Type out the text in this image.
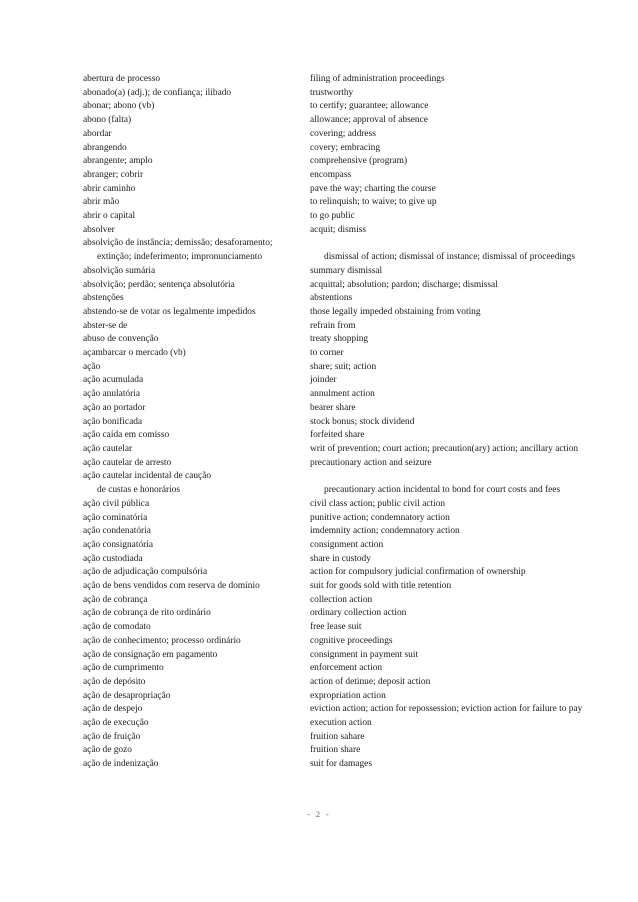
abertura de processo	filing of administration proceedings
abonado(a) (adj.); de confiança; ilibado	trustworthy
abonar; abono (vb)	to certify; guarantee; allowance
abono (falta)	allowance; approval of absence
abordar	covering; address
abrangendo	covery; embracing
abrangente; amplo	comprehensive (program)
abranger; cobrir	encompass
abrir caminho	pave the way; charting the course
abrir mão	to relinquish; to waive; to give up
abrir o capital	to go public
absolver	acquit; dismiss
absolvição de instância; demissão; desaforamento;
extinção; indeferimento; impronunciamento	dismissal of action; dismissal of instance; dismissal of proceedings
absolvição sumária	summary dismissal
absolvição; perdão; sentença absolutória	acquittal; absolution; pardon; discharge; dismissal
abstenções	abstentions
abstendo-se de votar os legalmente impedidos	those legally impeded obstaining from voting
abster-se de	refrain from
abuso de convenção	treaty shopping
açambarcar o mercado (vb)	to corner
ação	share; suit; action
ação acumulada	joinder
ação anulatória	annulment action
ação ao portador	bearer share
ação bonificada	stock bonus; stock dividend
ação caída em comisso	forfeited share
ação cautelar	writ of prevention; court action; precaution(ary) action; ancillary action
ação cautelar de arresto	precautionary action and seizure
ação cautelar incidental de caução
de custas e honorários	precautionary action incidental to bond for court costs and fees
ação civil pública	civil class action; public civil action
ação cominatória	punitive action; condemnatory action
ação condenatória	imdemnity action; condemnatory action
ação consignatória	consignment action
ação custodiada	share in custody
ação de adjudicação compulsória	action for compulsory judicial confirmation of ownership
ação de bens vendidos com reserva de domínio	suit for goods sold with title retention
ação de cobrança	collection action
ação de cobrança de rito ordinário	ordinary collection action
ação de comodato	free lease suit
ação de conhecimento; processo ordinário	cognitive proceedings
ação de consignação em pagamento	consignment in payment suit
ação de cumprimento	enforcement action
ação de depósito	action of detinue; deposit action
ação de desapropriação	expropriation action
ação de despejo	eviction action; action for repossession; eviction action for failure to pay
ação de execução	execution action
ação de fruição	fruition sahare
ação de gozo	fruition share
ação de indenização	suit for damages
- 2 -
